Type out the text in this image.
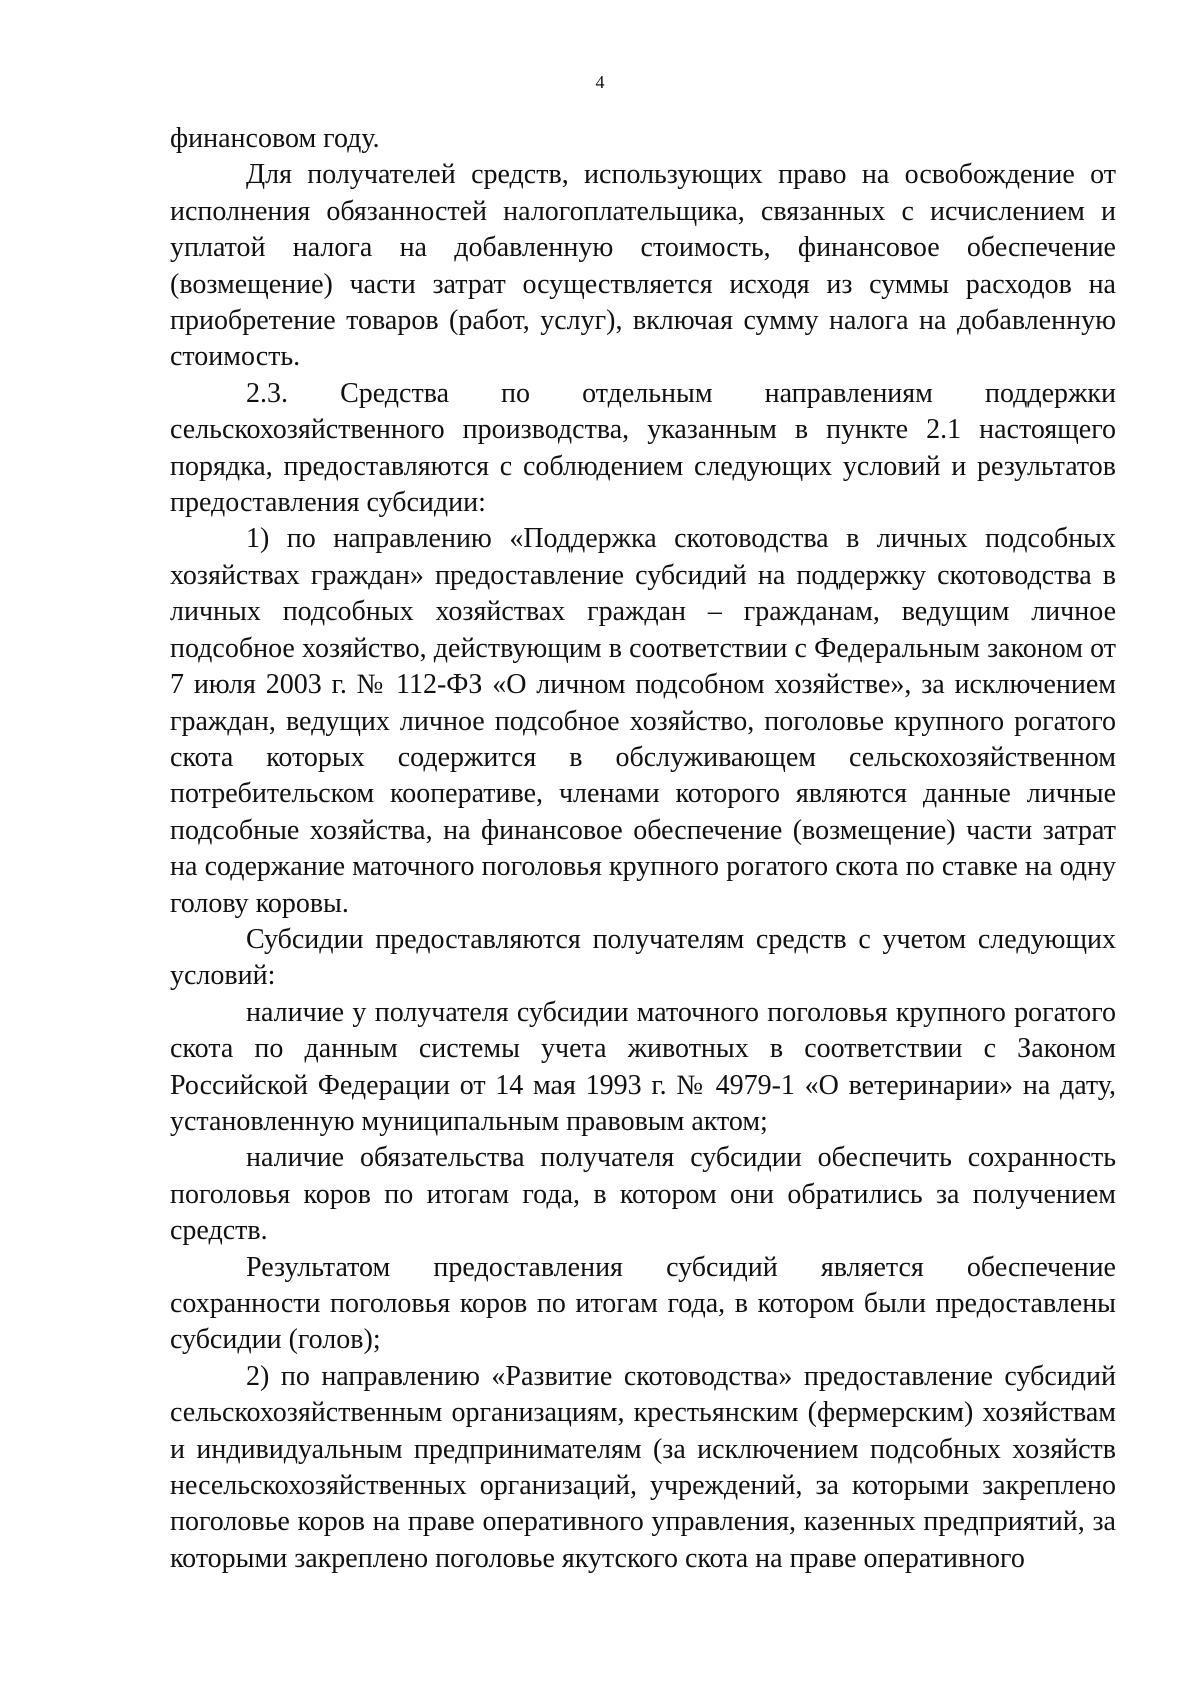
4

финансовом году.

Для получателей средств, использующих право на освобождение от исполнения обязанностей налогоплательщика, связанных с исчислением и уплатой налога на добавленную стоимость, финансовое обеспечение (возмещение) части затрат осуществляется исходя из суммы расходов на приобретение товаров (работ, услуг), включая сумму налога на добавленную стоимость.

2.3. Средства по отдельным направлениям поддержки сельскохозяйственного производства, указанным в пункте 2.1 настоящего порядка, предоставляются с соблюдением следующих условий и результатов предоставления субсидии:

1) по направлению «Поддержка скотоводства в личных подсобных хозяйствах граждан» предоставление субсидий на поддержку скотоводства в личных подсобных хозяйствах граждан – гражданам, ведущим личное подсобное хозяйство, действующим в соответствии с Федеральным законом от 7 июля 2003 г. № 112-ФЗ «О личном подсобном хозяйстве», за исключением граждан, ведущих личное подсобное хозяйство, поголовье крупного рогатого скота которых содержится в обслуживающем сельскохозяйственном потребительском кооперативе, членами которого являются данные личные подсобные хозяйства, на финансовое обеспечение (возмещение) части затрат на содержание маточного поголовья крупного рогатого скота по ставке на одну голову коровы.

Субсидии предоставляются получателям средств с учетом следующих условий:

наличие у получателя субсидии маточного поголовья крупного рогатого скота по данным системы учета животных в соответствии с Законом Российской Федерации от 14 мая 1993 г. № 4979-1 «О ветеринарии» на дату, установленную муниципальным правовым актом;

наличие обязательства получателя субсидии обеспечить сохранность поголовья коров по итогам года, в котором они обратились за получением средств.

Результатом предоставления субсидий является обеспечение сохранности поголовья коров по итогам года, в котором были предоставлены субсидии (голов);

2) по направлению «Развитие скотоводства» предоставление субсидий сельскохозяйственным организациям, крестьянским (фермерским) хозяйствам и индивидуальным предпринимателям (за исключением подсобных хозяйств несельскохозяйственных организаций, учреждений, за которыми закреплено поголовье коров на праве оперативного управления, казенных предприятий, за которыми закреплено поголовье якутского скота на праве оперативного
